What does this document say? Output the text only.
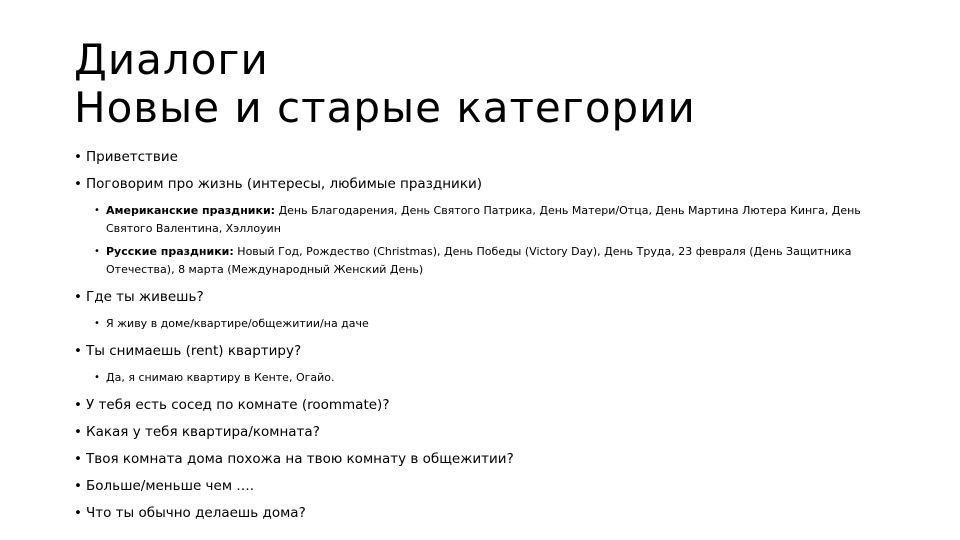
Диалоги
Новые и старые категории
• Приветствие
• Поговорим про жизнь (интересы, любимые праздники)
• Американские праздники: День Благодарения, День Святого Патрика, День Матери/Отца, День Мартина Лютера Кинга, День Святого Валентина, Хэллоуин
• Русские праздники: Новый Год, Рождество (Christmas), День Победы (Victory Day), День Труда, 23 февраля (День Защитника Отечества), 8 марта (Международный Женский День)
• Где ты живешь?
• Я живу в доме/квартире/общежитии/на даче
• Ты снимаешь (rent) квартиру?
• Да, я снимаю квартиру в Кенте, Огайо.
• У тебя есть сосед по комнате (roommate)?
• Какая у тебя квартира/комната?
• Твоя комната дома похожа на твою комнату в общежитии?
• Больше/меньше чем ….
• Что ты обычно делаешь дома?
